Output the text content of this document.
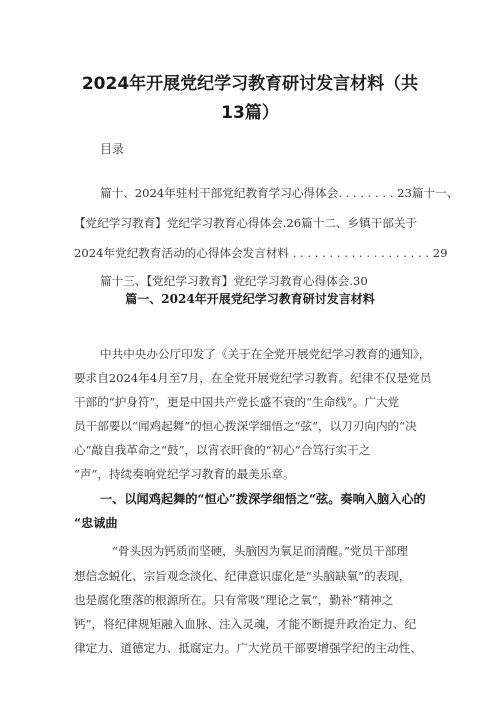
2024年开展党纪学习教育研讨发言材料（共
13篇）
目录
篇十、2024年驻村干部党纪教育学习心得体会. . . . . . . . 23篇十一、
【党纪学习教育】党纪学习教育心得体会.26篇十二、乡镇干部关于
2024年党纪教育活动的心得体会发言材料 . . . . . . . . . . . . . . . . . . . 29
篇十三、【党纪学习教育】党纪学习教育心得体会.30
篇一、2024年开展党纪学习教育研讨发言材料
中共中央办公厅印发了《关于在全党开展党纪学习教育的通知》，
要求自2024年4月至7月，在全党开展党纪学习教育。纪律不仅是党员
干部的“护身符”，更是中国共产党长盛不衰的“生命线”。广大党
员干部要以“闻鸡起舞”的恒心拨深学细悟之“弦”，以刀刃向内的“决
心”敲自我革命之“鼓”，以宵衣旰食的“初心”合笃行实干之
“声”，持续奏响党纪学习教育的最美乐章。
一、以闻鸡起舞的“恒心”拨深学细悟之“弦。奏响入脑入心的
“忠诚曲
“骨头因为钙质而坚硬，头脑因为氧足而清醒。”党员干部理
想信念蜕化、宗旨观念淡化、纪律意识虚化是“头脑缺氧”的表现，
也是腐化堕落的根源所在。只有常吸“理论之氧”，勤补“精神之
钙”，将纪律规矩融入血脉、注入灵魂，才能不断提升政治定力、纪
律定力、道德定力、抵腐定力。广大党员干部要增强学纪的主动性、
